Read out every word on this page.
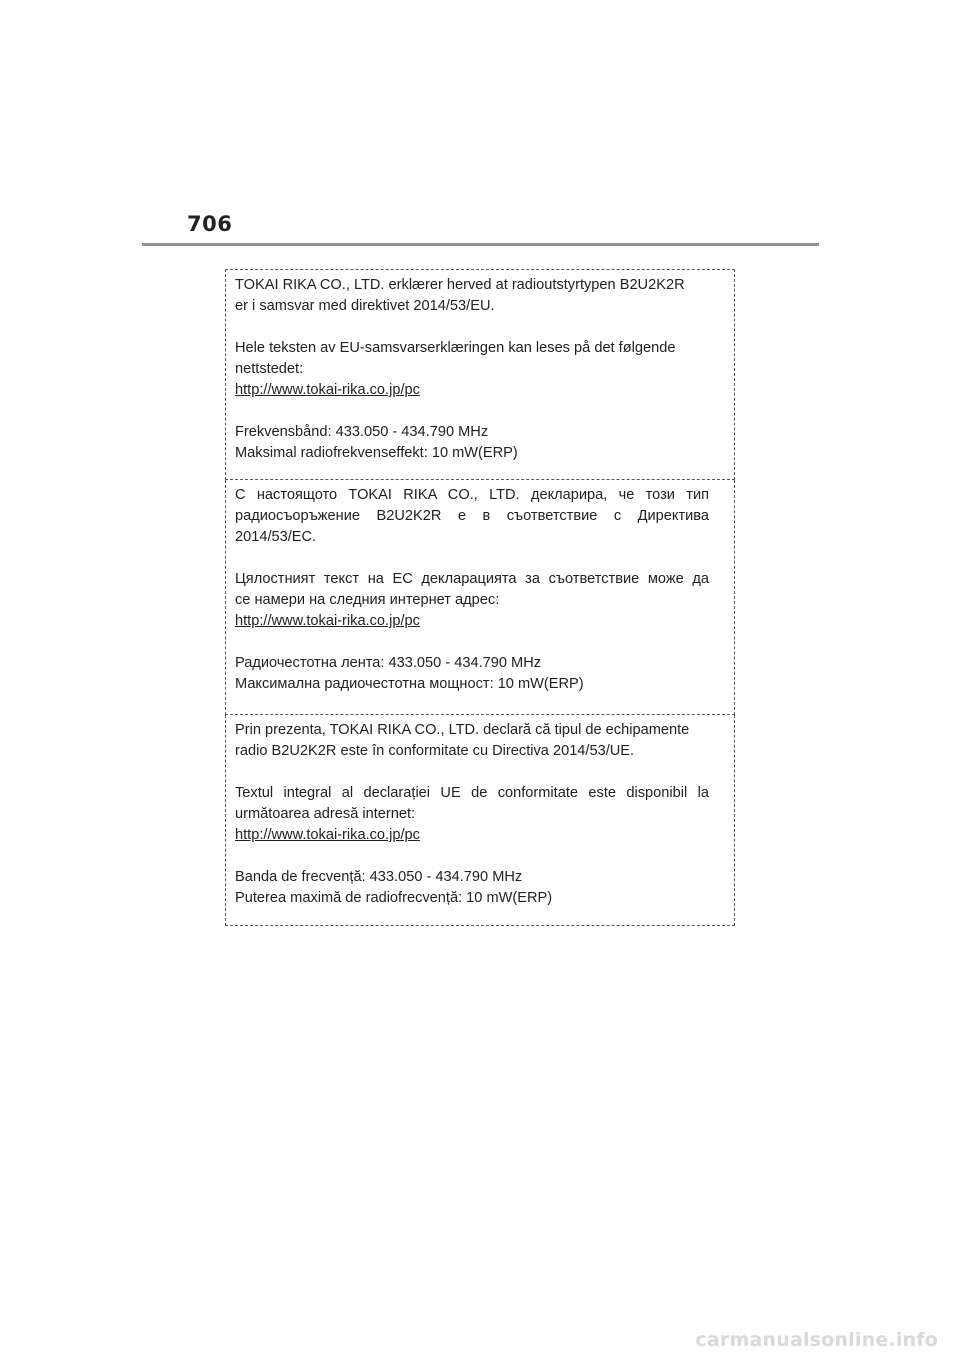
706

TOKAI RIKA CO., LTD. erklærer herved at radioutstyrtypen B2U2K2R

er i samsvar med direktivet 2014/53/EU.

Hele teksten av EU-samsvarserklæringen kan leses på det følgende

nettstedet:

http://www.tokai-rika.co.jp/pc

Frekvensbånd: 433.050 - 434.790 MHz

Maksimal radiofrekvenseffekt: 10 mW(ERP)

С настоящото TOKAI RIKA CO., LTD. декларира, че този тип

радиосъоръжение B2U2K2R е в съответствие с Директива

2014/53/ЕС.

Цялостният текст на ЕС декларацията за съответствие може да

се намери на следния интернет адрес:

http://www.tokai-rika.co.jp/pc

Радиочестотна лента: 433.050 - 434.790 MHz

Максимална радиочестотна мощност: 10 mW(ERP)

Prin prezenta, TOKAI RIKA CO., LTD. declară că tipul de echipamente

radio B2U2K2R este în conformitate cu Directiva 2014/53/UE.

Textul integral al declarației UE de conformitate este disponibil la

următoarea adresă internet:

http://www.tokai-rika.co.jp/pc

Banda de frecvență: 433.050 - 434.790 MHz

Puterea maximă de radiofrecvență: 10 mW(ERP)

carmanualsonline.info
